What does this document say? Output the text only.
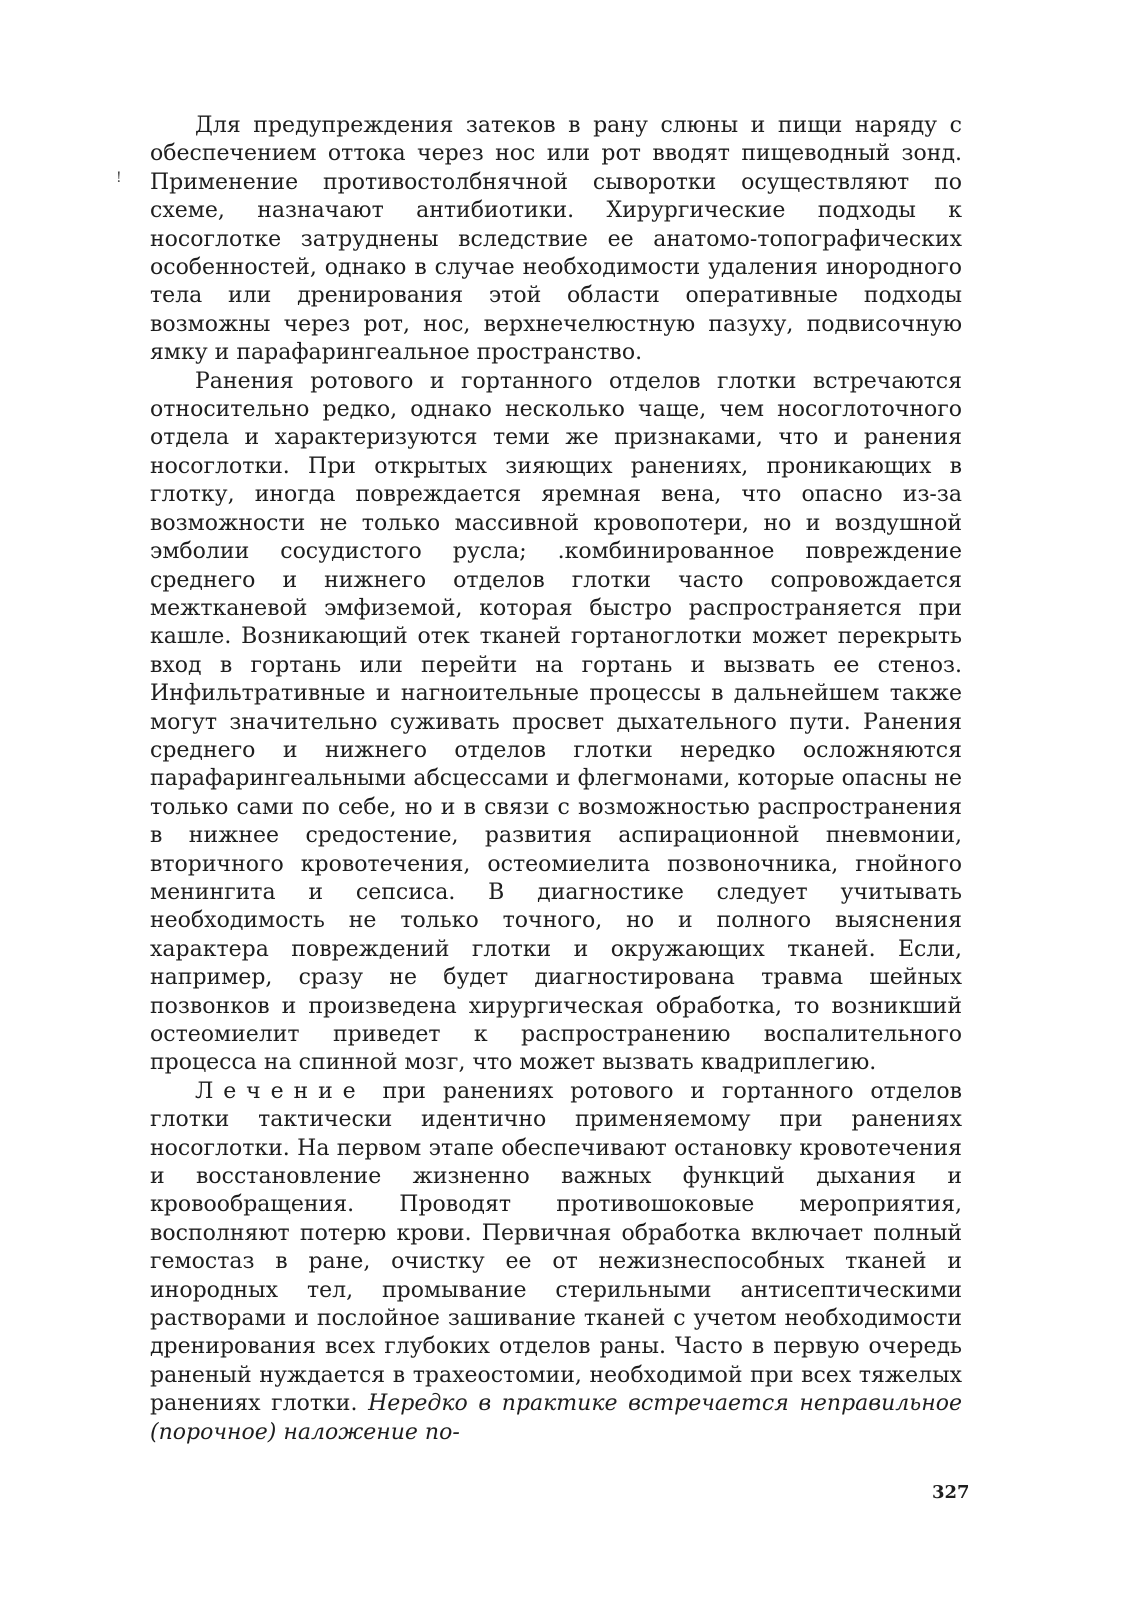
!

Для предупреждения затеков в рану слюны и пищи наряду с обеспечением оттока через нос или рот вводят пищеводный зонд. Применение противостолбнячной сыворотки осуществляют по схеме, назначают антибиотики. Хирургические подходы к носоглотке затруднены вследствие ее анатомо-топографических особенностей, однако в случае необходимости удаления инородного тела или дренирования этой области оперативные подходы возможны через рот, нос, верхнечелюстную пазуху, подвисочную ямку и парафарингеальное пространство.

Ранения ротового и гортанного отделов глотки встречаются относительно редко, однако несколько чаще, чем носоглоточного отдела и характеризуются теми же признаками, что и ранения носоглотки. При открытых зияющих ранениях, проникающих в глотку, иногда повреждается яремная вена, что опасно из-за возможности не только массивной кровопотери, но и воздушной эмболии сосудистого русла; .комбинированное повреждение среднего и нижнего отделов глотки часто сопровождается межтканевой эмфиземой, которая быстро распространяется при кашле. Возникающий отек тканей гортаноглотки может перекрыть вход в гортань или перейти на гортань и вызвать ее стеноз. Инфильтративные и нагноительные процессы в дальнейшем также могут значительно суживать просвет дыхательного пути. Ранения среднего и нижнего отделов глотки нередко осложняются парафарингеальными абсцессами и флегмонами, которые опасны не только сами по себе, но и в связи с возможностью распространения в нижнее средостение, развития аспирационной пневмонии, вторичного кровотечения, остеомиелита позвоночника, гнойного менингита и сепсиса. В диагностике следует учитывать необходимость не только точного, но и полного выяснения характера повреждений глотки и окружающих тканей. Если, например, сразу не будет диагностирована травма шейных позвонков и произведена хирургическая обработка, то возникший остеомиелит приведет к распространению воспалительного процесса на спинной мозг, что может вызвать квадриплегию.

Лечение при ранениях ротового и гортанного отделов глотки тактически идентично применяемому при ранениях носоглотки. На первом этапе обеспечивают остановку кровотечения и восстановление жизненно важных функций дыхания и кровообращения. Проводят противошоковые мероприятия, восполняют потерю крови. Первичная обработка включает полный гемостаз в ране, очистку ее от нежизнеспособных тканей и инородных тел, промывание стерильными антисептическими растворами и послойное зашивание тканей с учетом необходимости дренирования всех глубоких отделов раны. Часто в первую очередь раненый нуждается в трахеостомии, необходимой при всех тяжелых ранениях глотки. Нередко в практике встречается неправильное (порочное) наложение по-

327
